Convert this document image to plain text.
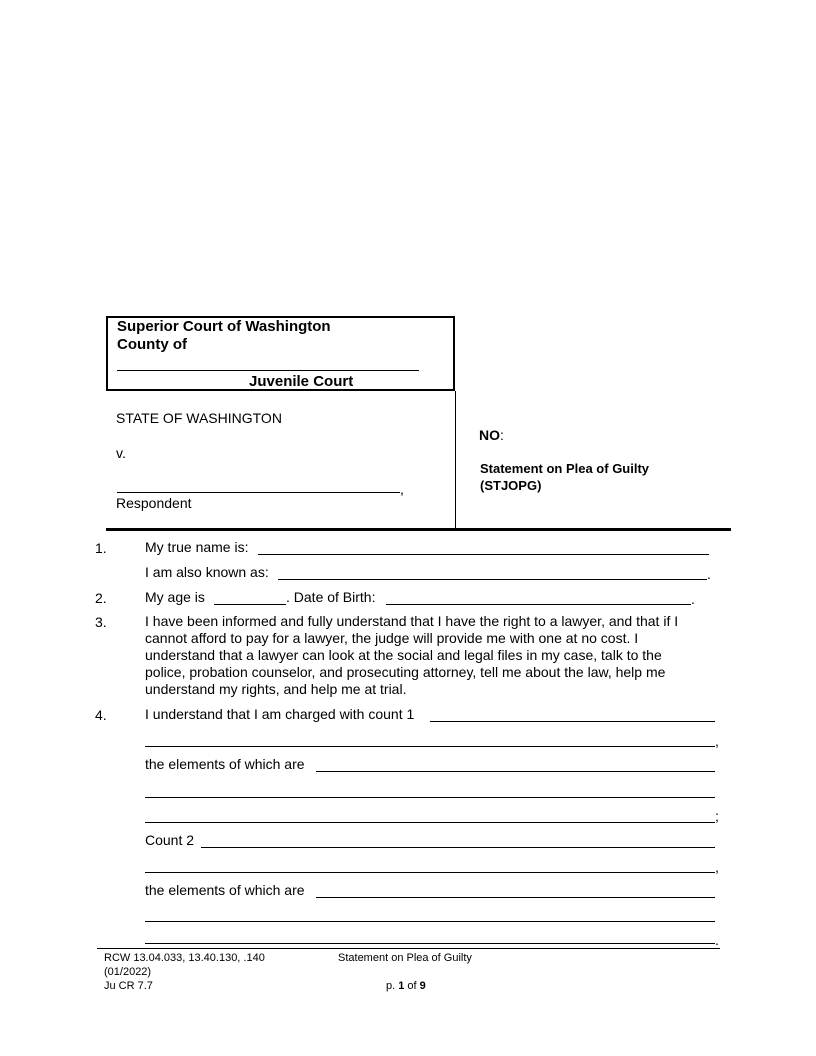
Superior Court of Washington
County of
Juvenile Court
STATE OF WASHINGTON
v.
,
Respondent
NO:
Statement on Plea of Guilty
(STJOPG)
1.	My true name is:
I am also known as:	.
2.	My age is	. Date of Birth:	.
3.	I have been informed and fully understand that I have the right to a lawyer, and that if I
cannot afford to pay for a lawyer, the judge will provide me with one at no cost. I
understand that a lawyer can look at the social and legal files in my case, talk to the
police, probation counselor, and prosecuting attorney, tell me about the law, help me
understand my rights, and help me at trial.
4.	I understand that I am charged with count 1
,
the elements of which are
;
Count 2
,
the elements of which are
.
RCW 13.04.033, 13.40.130, .140
(01/2022)
Ju CR 7.7
Statement on Plea of Guilty
p. 1 of 9
